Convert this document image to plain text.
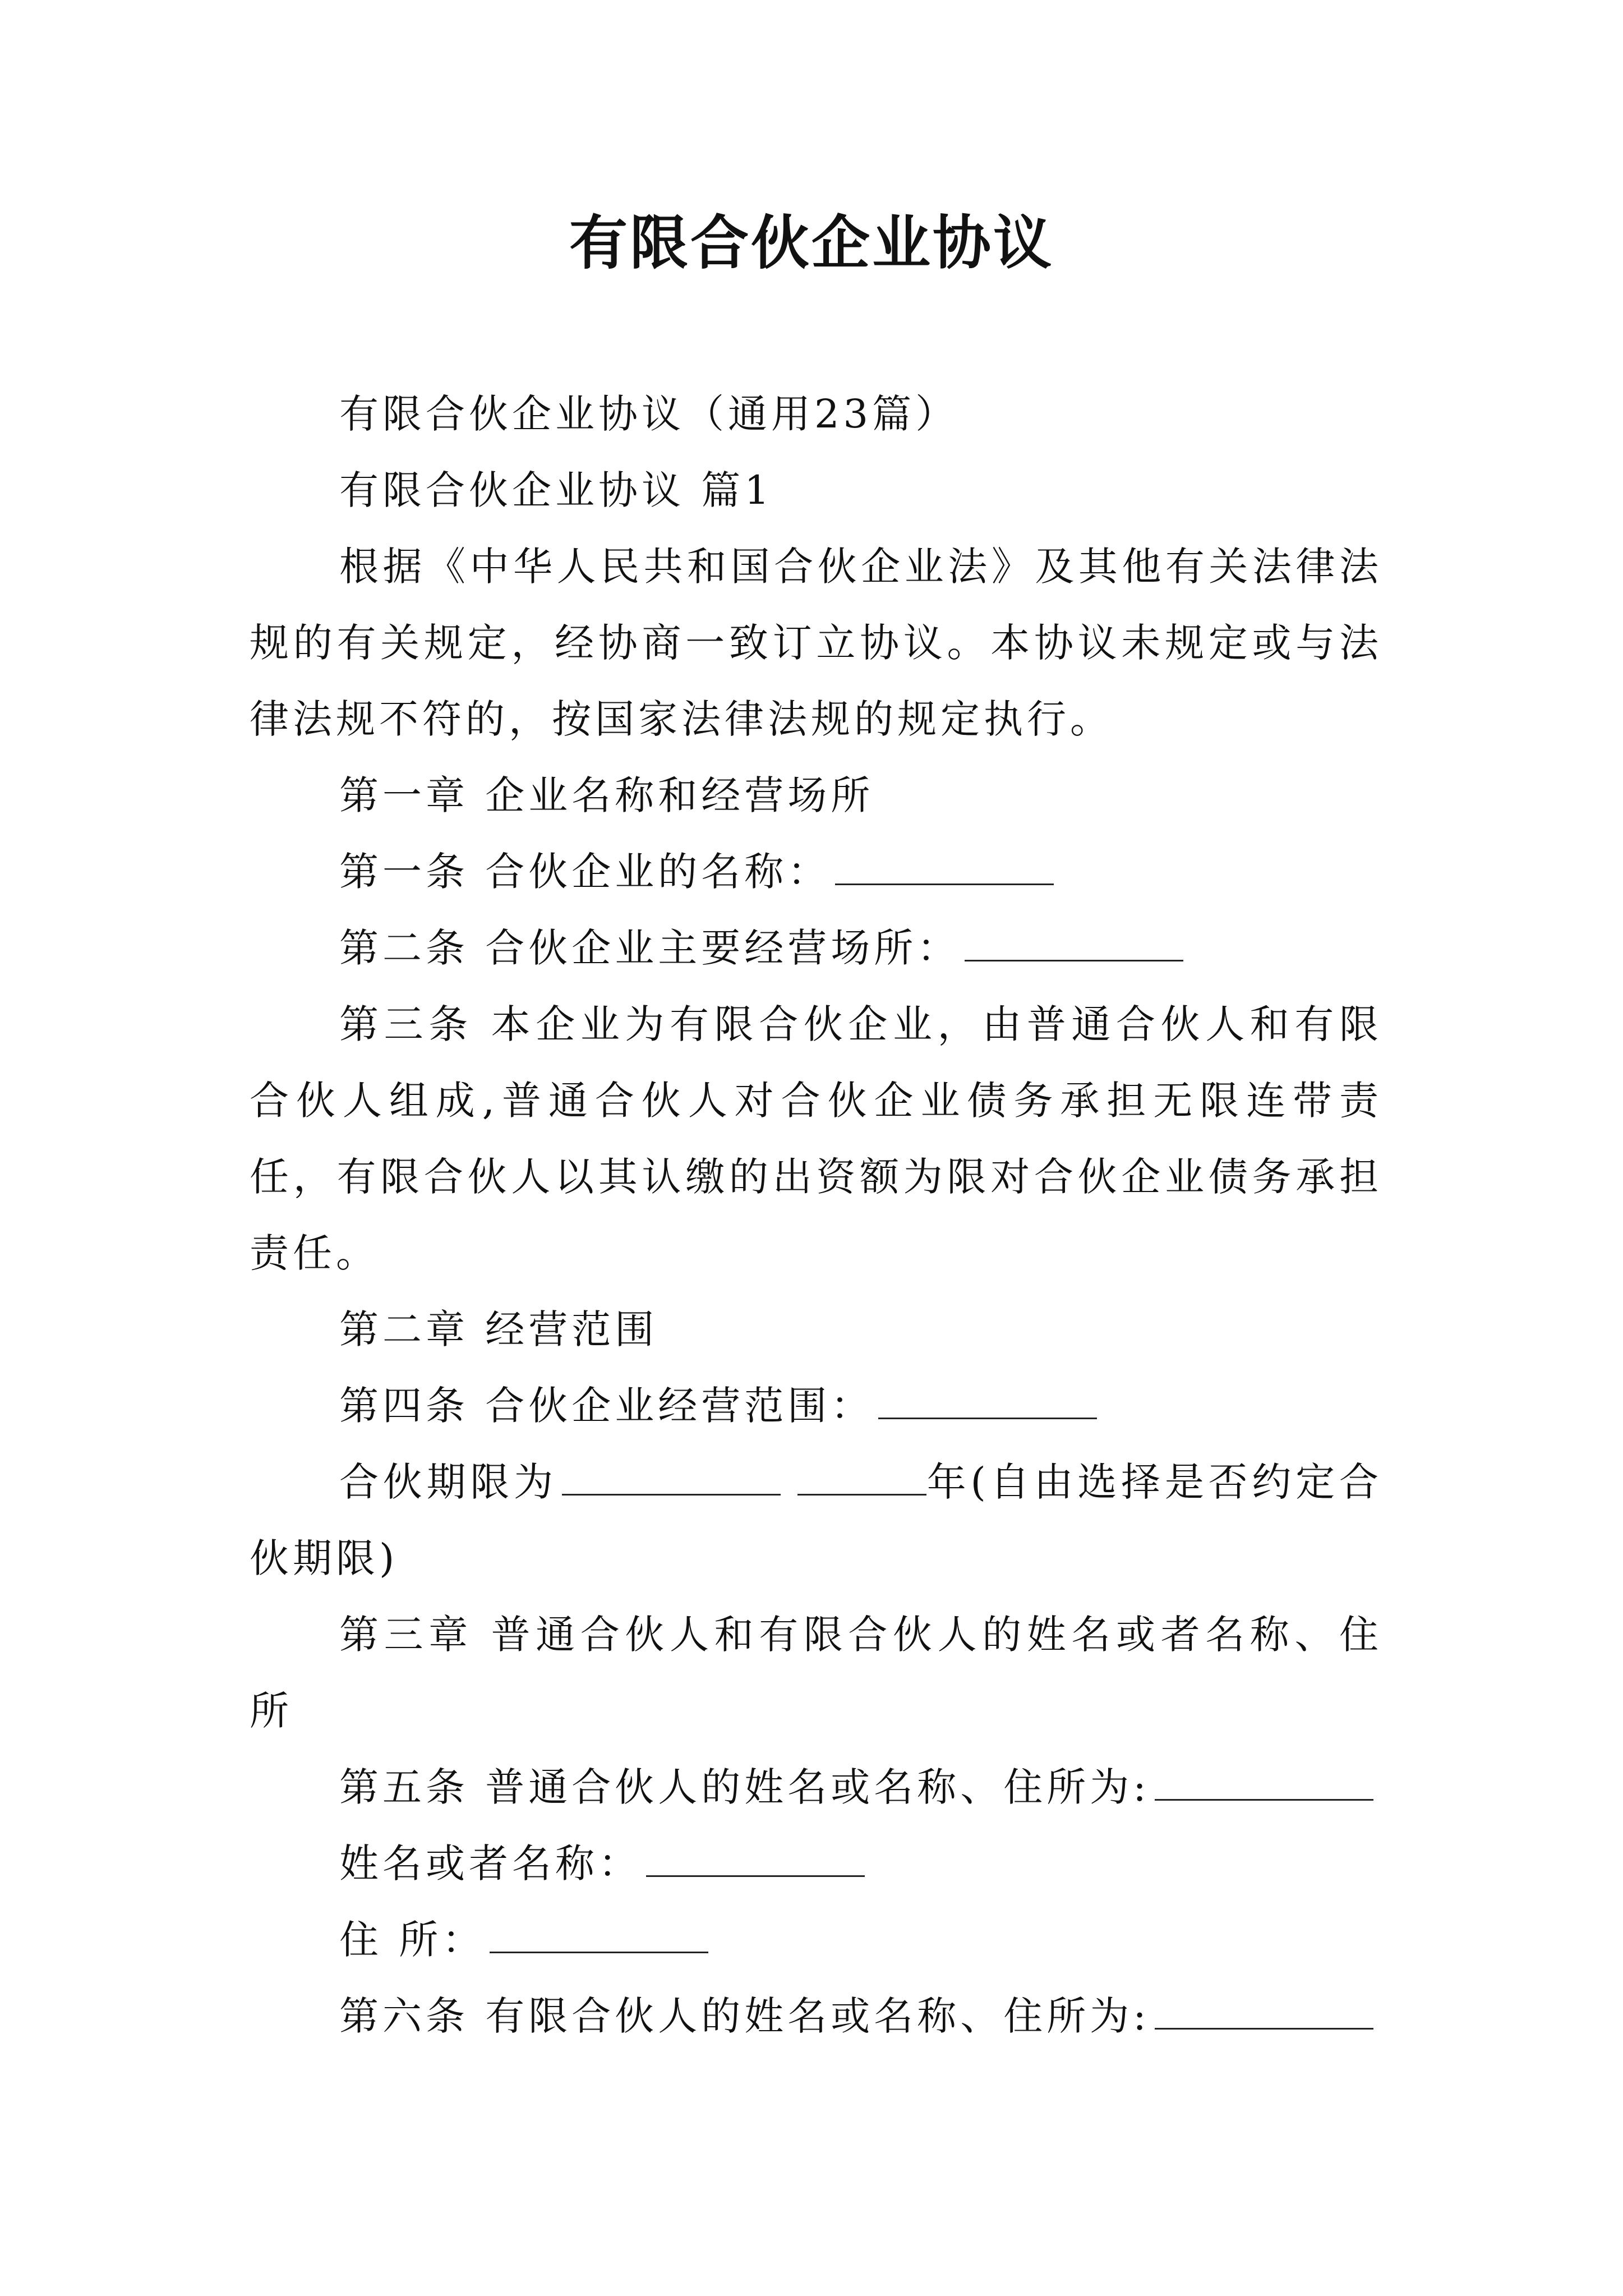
有限合伙企业协议

有限合伙企业协议（通用23篇）

有限合伙企业协议 篇1

根据《中华人民共和国合伙企业法》及其他有关法律法规的有关规定，经协商一致订立协议。本协议未规定或与法律法规不符的，按国家法律法规的规定执行。

第一章 企业名称和经营场所

第一条 合伙企业的名称：

第二条 合伙企业主要经营场所：

第三条 本企业为有限合伙企业，由普通合伙人和有限合伙人组成,普通合伙人对合伙企业债务承担无限连带责任，有限合伙人以其认缴的出资额为限对合伙企业债务承担责任。

第二章 经营范围

第四条 合伙企业经营范围：

合伙期限为	年(自由选择是否约定合伙期限)

第三章 普通合伙人和有限合伙人的姓名或者名称、住所

第五条 普通合伙人的姓名或名称、住所为:

姓名或者名称：

住 所：

第六条 有限合伙人的姓名或名称、住所为:
